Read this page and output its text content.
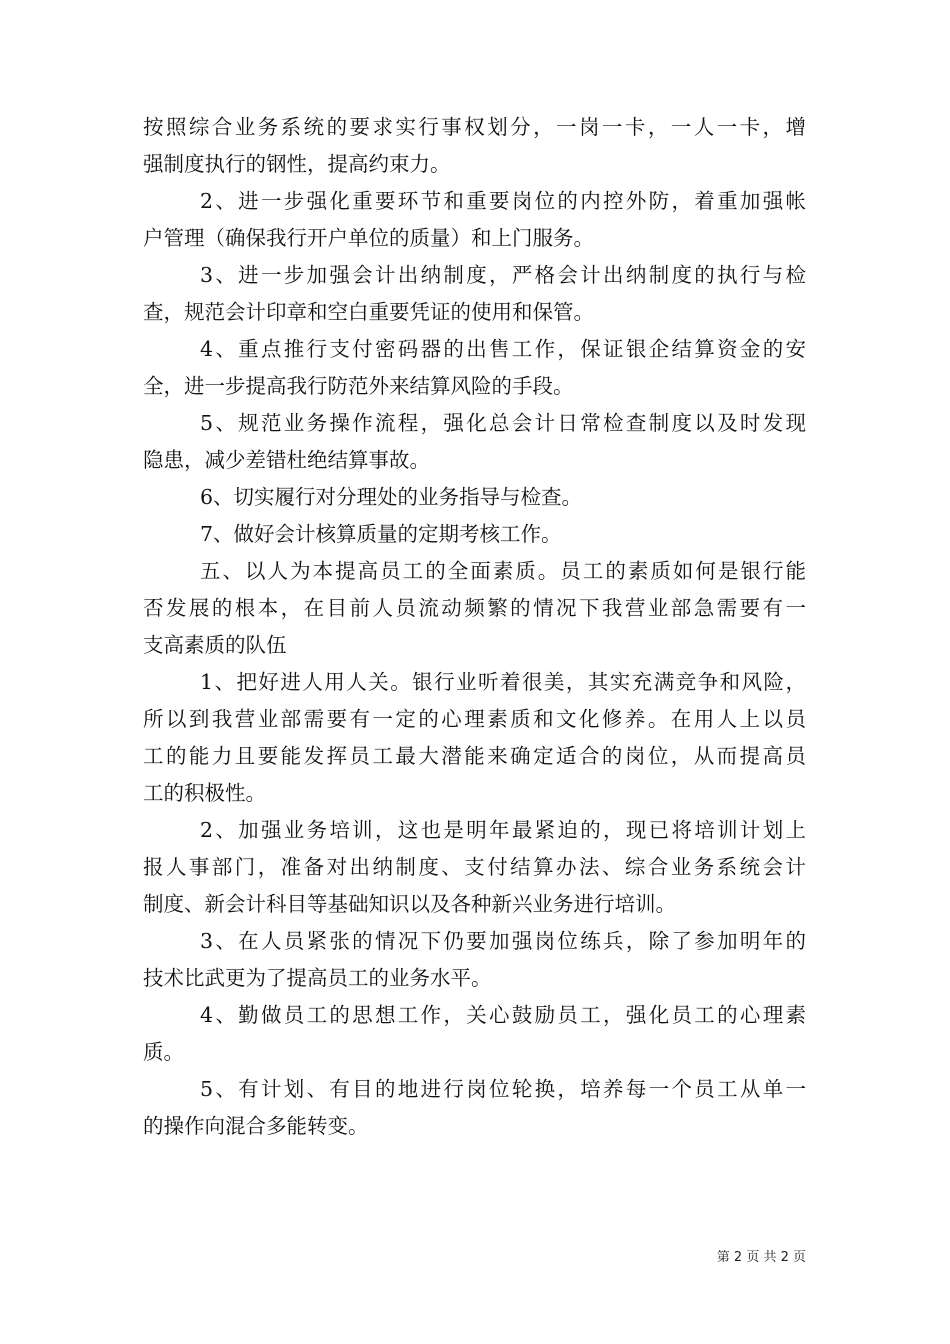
按照综合业务系统的要求实行事权划分，一岗一卡，一人一卡，增
强制度执行的钢性，提高约束力。
2、进一步强化重要环节和重要岗位的内控外防，着重加强帐
户管理（确保我行开户单位的质量）和上门服务。
3、进一步加强会计出纳制度，严格会计出纳制度的执行与检
查，规范会计印章和空白重要凭证的使用和保管。
4、重点推行支付密码器的出售工作，保证银企结算资金的安
全，进一步提高我行防范外来结算风险的手段。
5、规范业务操作流程，强化总会计日常检查制度以及时发现
隐患，减少差错杜绝结算事故。
6、切实履行对分理处的业务指导与检查。
7、做好会计核算质量的定期考核工作。
五、以人为本提高员工的全面素质。员工的素质如何是银行能
否发展的根本，在目前人员流动频繁的情况下我营业部急需要有一
支高素质的队伍
1、把好进人用人关。银行业听着很美，其实充满竞争和风险，
所以到我营业部需要有一定的心理素质和文化修养。在用人上以员
工的能力且要能发挥员工最大潜能来确定适合的岗位，从而提高员
工的积极性。
2、加强业务培训，这也是明年最紧迫的，现已将培训计划上
报人事部门，准备对出纳制度、支付结算办法、综合业务系统会计
制度、新会计科目等基础知识以及各种新兴业务进行培训。
3、在人员紧张的情况下仍要加强岗位练兵，除了参加明年的
技术比武更为了提高员工的业务水平。
4、勤做员工的思想工作，关心鼓励员工，强化员工的心理素
质。
5、有计划、有目的地进行岗位轮换，培养每一个员工从单一
的操作向混合多能转变。
第 2 页 共 2 页
